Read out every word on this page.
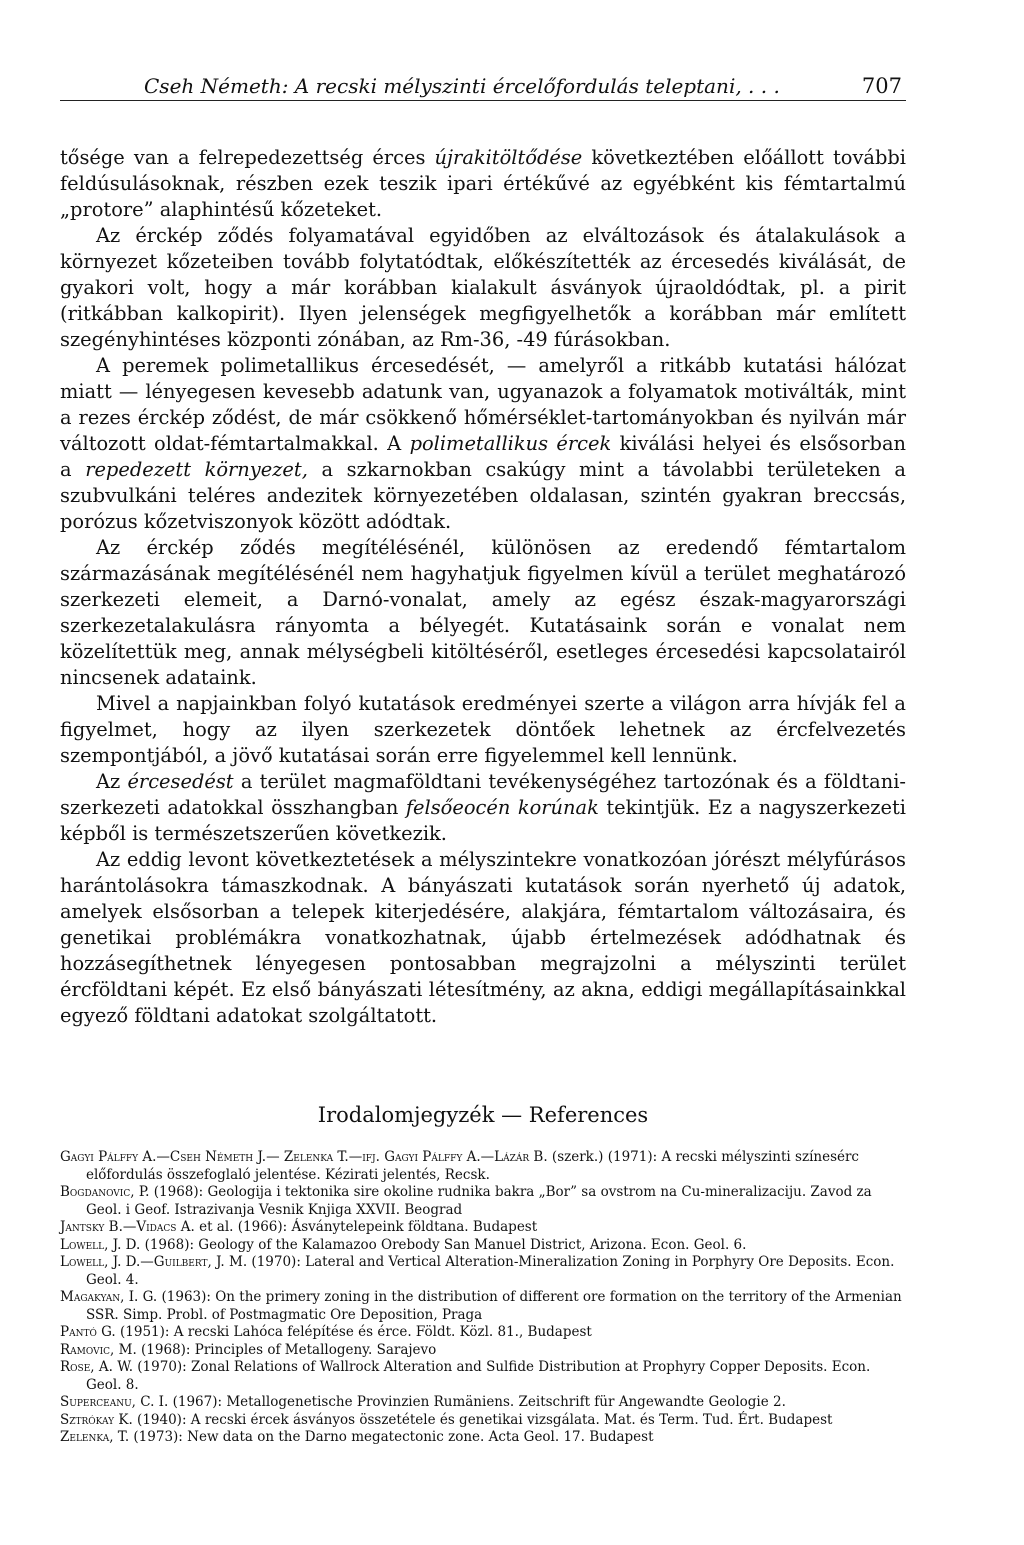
Cseh Németh: A recski mélyszinti ércelőfordulás teleptani, . . .	707

tősége van a felrepedezettség érces újrakitöltődése következtében előállott további feldúsulásoknak, részben ezek teszik ipari értékűvé az egyébként kis fémtartalmú „protore” alaphintésű kőzeteket.

Az érckép ződés folyamatával egyidőben az elváltozások és átalakulások a környezet kőzeteiben tovább folytatódtak, előkészítették az ércesedés kiválását, de gyakori volt, hogy a már korábban kialakult ásványok újraoldódtak, pl. a pirit (ritkábban kalkopirit). Ilyen jelenségek megfigyelhetők a korábban már említett szegényhintéses központi zónában, az Rm-36, -49 fúrásokban.

A peremek polimetallikus ércesedését, — amelyről a ritkább kutatási hálózat miatt — lényegesen kevesebb adatunk van, ugyanazok a folyamatok motiválták, mint a rezes érckép ződést, de már csökkenő hőmérséklet-tartományokban és nyilván már változott oldat-fémtartalmakkal. A polimetallikus ércek kiválási helyei és elsősorban a repedezett környezet, a szkarnokban csakúgy mint a távolabbi területeken a szubvulkáni teléres andezitek környezetében oldalasan, szintén gyakran breccsás, porózus kőzetviszonyok között adódtak.

Az érckép ződés megítélésénél, különösen az eredendő fémtartalom származásának megítélésénél nem hagyhatjuk figyelmen kívül a terület meghatározó szerkezeti elemeit, a Darnó-vonalat, amely az egész észak-magyarországi szerkezetalakulásra rányomta a bélyegét. Kutatásaink során e vonalat nem közelítettük meg, annak mélységbeli kitöltéséről, esetleges ércesedési kapcsolatairól nincsenek adataink.

Mivel a napjainkban folyó kutatások eredményei szerte a világon arra hívják fel a figyelmet, hogy az ilyen szerkezetek döntőek lehetnek az ércfelvezetés szempontjából, a jövő kutatásai során erre figyelemmel kell lennünk.

Az ércesedést a terület magmaföldtani tevékenységéhez tartozónak és a földtani-szerkezeti adatokkal összhangban felsőeocén korúnak tekintjük. Ez a nagyszerkezeti képből is természetszerűen következik.

Az eddig levont következtetések a mélyszintekre vonatkozóan jórészt mélyfúrásos harántolásokra támaszkodnak. A bányászati kutatások során nyerhető új adatok, amelyek elsősorban a telepek kiterjedésére, alakjára, fémtartalom változásaira, és genetikai problémákra vonatkozhatnak, újabb értelmezések adódhatnak és hozzásegíthetnek lényegesen pontosabban megrajzolni a mélyszinti terület ércföldtani képét. Ez első bányászati létesítmény, az akna, eddigi megállapításainkkal egyező földtani adatokat szolgáltatott.

Irodalomjegyzék — References
Gagyi Pálffy A.—Cseh Németh J.— Zelenka T.—ifj. Gagyi Pálffy A.—Lázár B. (szerk.) (1971): A recski mélyszinti színesérc előfordulás összefoglaló jelentése. Kézirati jelentés, Recsk.
Bogdanovic, P. (1968): Geologija i tektonika sire okoline rudnika bakra „Bor” sa ovstrom na Cu-mineralizaciju. Zavod za Geol. i Geof. Istrazivanja Vesnik Knjiga XXVII. Beograd
Jantsky B.—Vidacs A. et al. (1966): Ásványtelepeink földtana. Budapest
Lowell, J. D. (1968): Geology of the Kalamazoo Orebody San Manuel District, Arizona. Econ. Geol. 6.
Lowell, J. D.—Guilbert, J. M. (1970): Lateral and Vertical Alteration-Mineralization Zoning in Porphyry Ore Deposits. Econ. Geol. 4.
Magakyan, I. G. (1963): On the primery zoning in the distribution of different ore formation on the territory of the Armenian SSR. Simp. Probl. of Postmagmatic Ore Deposition, Praga
Pantó G. (1951): A recski Lahóca felépítése és érce. Földt. Közl. 81., Budapest
Ramovic, M. (1968): Principles of Metallogeny. Sarajevo
Rose, A. W. (1970): Zonal Relations of Wallrock Alteration and Sulfide Distribution at Prophyry Copper Deposits. Econ. Geol. 8.
Superceanu, C. I. (1967): Metallogenetische Provinzien Rumäniens. Zeitschrift für Angewandte Geologie 2.
Sztrókay K. (1940): A recski ércek ásványos összetétele és genetikai vizsgálata. Mat. és Term. Tud. Ért. Budapest
Zelenka, T. (1973): New data on the Darno megatectonic zone. Acta Geol. 17. Budapest
